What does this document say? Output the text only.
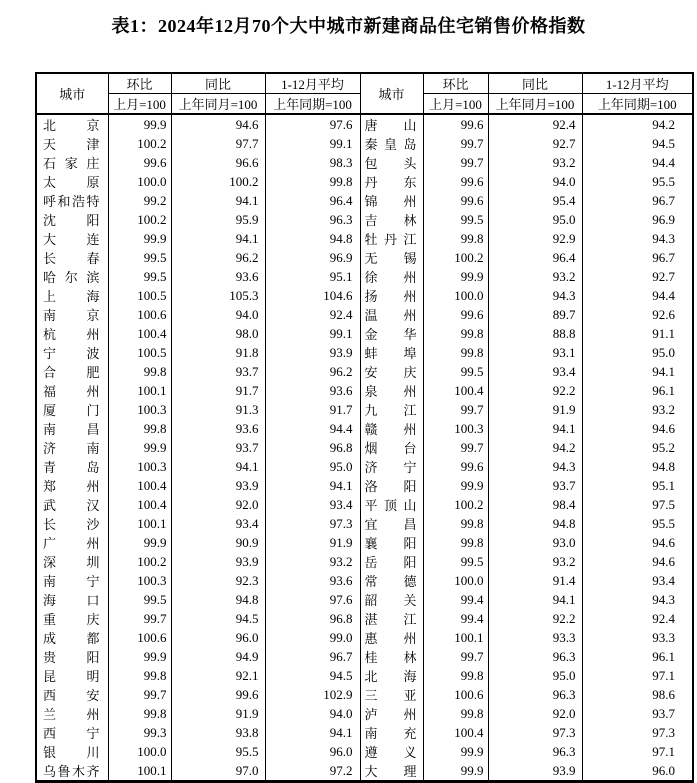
表1：2024年12月70个大中城市新建商品住宅销售价格指数
城市	环比	同比	1-12月平均	城市	环比	同比	1-12月平均
	上月=100	上年同月=100	上年同期=100		上月=100	上年同月=100	上年同期=100
北京	99.9	94.6	97.6	唐山	99.6	92.4	94.2
天津	100.2	97.7	99.1	秦皇岛	99.7	92.7	94.5
石家庄	99.6	96.6	98.3	包头	99.7	93.2	94.4
太原	100.0	100.2	99.8	丹东	99.6	94.0	95.5
呼和浩特	99.2	94.1	96.4	锦州	99.6	95.4	96.7
沈阳	100.2	95.9	96.3	吉林	99.5	95.0	96.9
大连	99.9	94.1	94.8	牡丹江	99.8	92.9	94.3
长春	99.5	96.2	96.9	无锡	100.2	96.4	96.7
哈尔滨	99.5	93.6	95.1	徐州	99.9	93.2	92.7
上海	100.5	105.3	104.6	扬州	100.0	94.3	94.4
南京	100.6	94.0	92.4	温州	99.6	89.7	92.6
杭州	100.4	98.0	99.1	金华	99.8	88.8	91.1
宁波	100.5	91.8	93.9	蚌埠	99.8	93.1	95.0
合肥	99.8	93.7	96.2	安庆	99.5	93.4	94.1
福州	100.1	91.7	93.6	泉州	100.4	92.2	96.1
厦门	100.3	91.3	91.7	九江	99.7	91.9	93.2
南昌	99.8	93.6	94.4	赣州	100.3	94.1	94.6
济南	99.9	93.7	96.8	烟台	99.7	94.2	95.2
青岛	100.3	94.1	95.0	济宁	99.6	94.3	94.8
郑州	100.4	93.9	94.1	洛阳	99.9	93.7	95.1
武汉	100.4	92.0	93.4	平顶山	100.2	98.4	97.5
长沙	100.1	93.4	97.3	宜昌	99.8	94.8	95.5
广州	99.9	90.9	91.9	襄阳	99.8	93.0	94.6
深圳	100.2	93.9	93.2	岳阳	99.5	93.2	94.6
南宁	100.3	92.3	93.6	常德	100.0	91.4	93.4
海口	99.5	94.8	97.6	韶关	99.4	94.1	94.3
重庆	99.7	94.5	96.8	湛江	99.4	92.2	92.4
成都	100.6	96.0	99.0	惠州	100.1	93.3	93.3
贵阳	99.9	94.9	96.7	桂林	99.7	96.3	96.1
昆明	99.8	92.1	94.5	北海	99.8	95.0	97.1
西安	99.7	99.6	102.9	三亚	100.6	96.3	98.6
兰州	99.8	91.9	94.0	泸州	99.8	92.0	93.7
西宁	99.3	93.8	94.1	南充	100.4	97.3	97.3
银川	100.0	95.5	96.0	遵义	99.9	96.3	97.1
乌鲁木齐	100.1	97.0	97.2	大理	99.9	93.9	96.0
